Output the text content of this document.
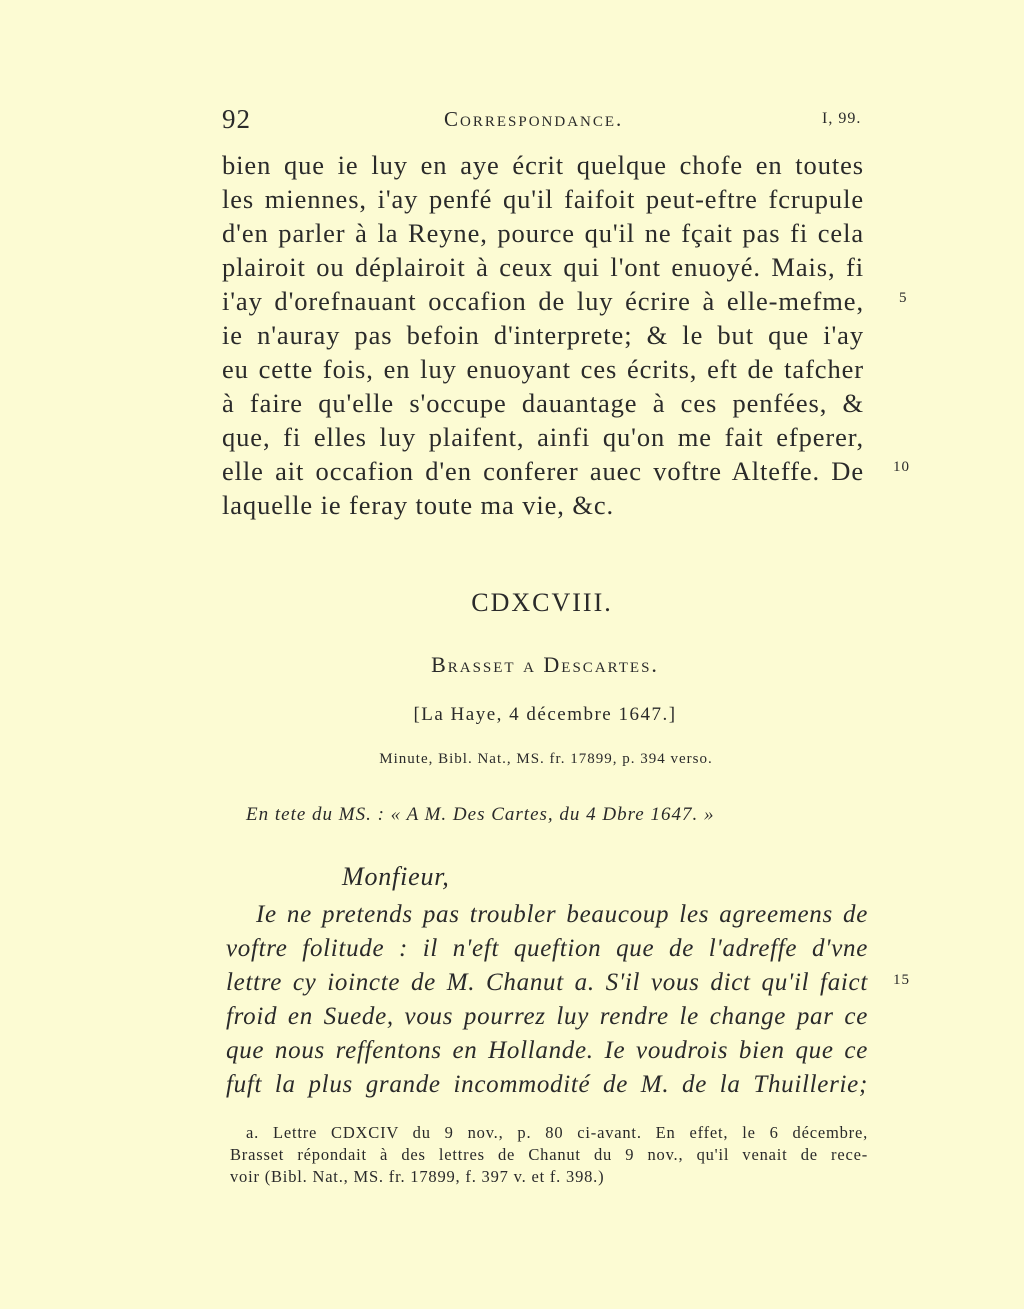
92	Correspondance.	I, 99.
bien que ie luy en aye écrit quelque chofe en toutes
les miennes, i'ay penfé qu'il faifoit peut-eftre fcrupule
d'en parler à la Reyne, pource qu'il ne fçait pas fi cela
plairoit ou déplairoit à ceux qui l'ont enuoyé. Mais, fi
i'ay d'orefnauant occafion de luy écrire à elle-mefme,
ie n'auray pas befoin d'interprete; & le but que i'ay
eu cette fois, en luy enuoyant ces écrits, eft de tafcher
à faire qu'elle s'occupe dauantage à ces penfées, &
que, fi elles luy plaifent, ainfi qu'on me fait efperer,
elle ait occafion d'en conferer auec voftre Alteffe. De
laquelle ie feray toute ma vie, &c.
5
10
CDXCVIII.
Brasset a Descartes.
[La Haye, 4 décembre 1647.]
Minute, Bibl. Nat., MS. fr. 17899, p. 394 verso.
En tete du MS. : « A M. Des Cartes, du 4 Dbre 1647. »
Monfieur,
Ie ne pretends pas troubler beaucoup les agreemens de
voftre folitude : il n'eft queftion que de l'adreffe d'vne
lettre cy ioincte de M. Chanut a. S'il vous dict qu'il faict
froid en Suede, vous pourrez luy rendre le change par ce
que nous reffentons en Hollande. Ie voudrois bien que ce
fuft la plus grande incommodité de M. de la Thuillerie;
15
a. Lettre CDXCIV du 9 nov., p. 80 ci-avant. En effet, le 6 décembre,
Brasset répondait à des lettres de Chanut du 9 nov., qu'il venait de rece-
voir (Bibl. Nat., MS. fr. 17899, f. 397 v. et f. 398.)
